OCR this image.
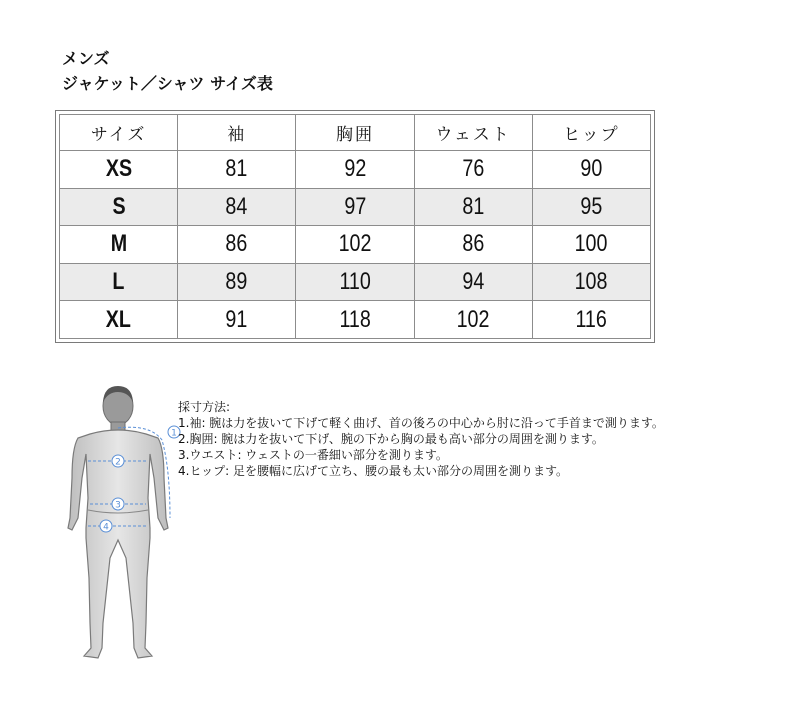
メンズ
ジャケット／シャツ サイズ表
サイズ	袖	胸囲	ウェスト	ヒップ
XS	81	92	76	90
S	84	97	81	95
M	86	102	86	100
L	89	110	94	108
XL	91	118	102	116
1
2
3
4
採寸方法:
1.袖: 腕は力を抜いて下げて軽く曲げ、首の後ろの中心から肘に沿って手首まで測ります。
2.胸囲: 腕は力を抜いて下げ、腕の下から胸の最も高い部分の周囲を測ります。
3.ウエスト: ウェストの一番細い部分を測ります。
4.ヒップ: 足を腰幅に広げて立ち、腰の最も太い部分の周囲を測ります。
